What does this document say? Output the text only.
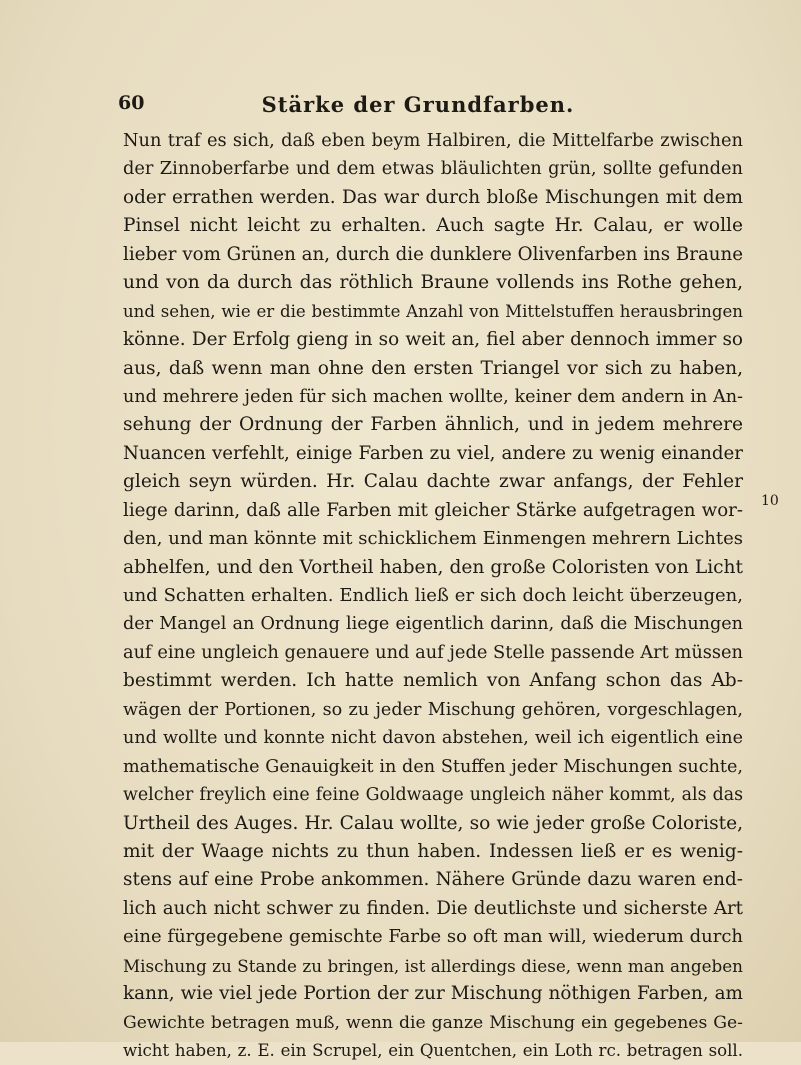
60	Stärke der Grundfarben.
Nun traf es sich, daß eben beym Halbiren, die Mittelfarbe zwischen
der Zinnoberfarbe und dem etwas bläulichten grün, sollte gefunden
oder errathen werden. Das war durch bloße Mischungen mit dem
Pinsel nicht leicht zu erhalten. Auch sagte Hr. Calau, er wolle
lieber vom Grünen an, durch die dunklere Olivenfarben ins Braune
und von da durch das röthlich Braune vollends ins Rothe gehen,
und sehen, wie er die bestimmte Anzahl von Mittelstuffen herausbringen
könne. Der Erfolg gieng in so weit an, fiel aber dennoch immer so
aus, daß wenn man ohne den ersten Triangel vor sich zu haben,
und mehrere jeden für sich machen wollte, keiner dem andern in An-
sehung der Ordnung der Farben ähnlich, und in jedem mehrere
Nuancen verfehlt, einige Farben zu viel, andere zu wenig einander
gleich seyn würden. Hr. Calau dachte zwar anfangs, der Fehler
liege darinn, daß alle Farben mit gleicher Stärke aufgetragen wor-
den, und man könnte mit schicklichem Einmengen mehrern Lichtes
abhelfen, und den Vortheil haben, den große Coloristen von Licht
und Schatten erhalten. Endlich ließ er sich doch leicht überzeugen,
der Mangel an Ordnung liege eigentlich darinn, daß die Mischungen
auf eine ungleich genauere und auf jede Stelle passende Art müssen
bestimmt werden. Ich hatte nemlich von Anfang schon das Ab-
wägen der Portionen, so zu jeder Mischung gehören, vorgeschlagen,
und wollte und konnte nicht davon abstehen, weil ich eigentlich eine
mathematische Genauigkeit in den Stuffen jeder Mischungen suchte,
welcher freylich eine feine Goldwaage ungleich näher kommt, als das
Urtheil des Auges. Hr. Calau wollte, so wie jeder große Coloriste,
mit der Waage nichts zu thun haben. Indessen ließ er es wenig-
stens auf eine Probe ankommen. Nähere Gründe dazu waren end-
lich auch nicht schwer zu finden. Die deutlichste und sicherste Art
eine fürgegebene gemischte Farbe so oft man will, wiederum durch
Mischung zu Stande zu bringen, ist allerdings diese, wenn man angeben
kann, wie viel jede Portion der zur Mischung nöthigen Farben, am
Gewichte betragen muß, wenn die ganze Mischung ein gegebenes Ge-
wicht haben, z. E. ein Scrupel, ein Quentchen, ein Loth rc. betragen soll.
10
